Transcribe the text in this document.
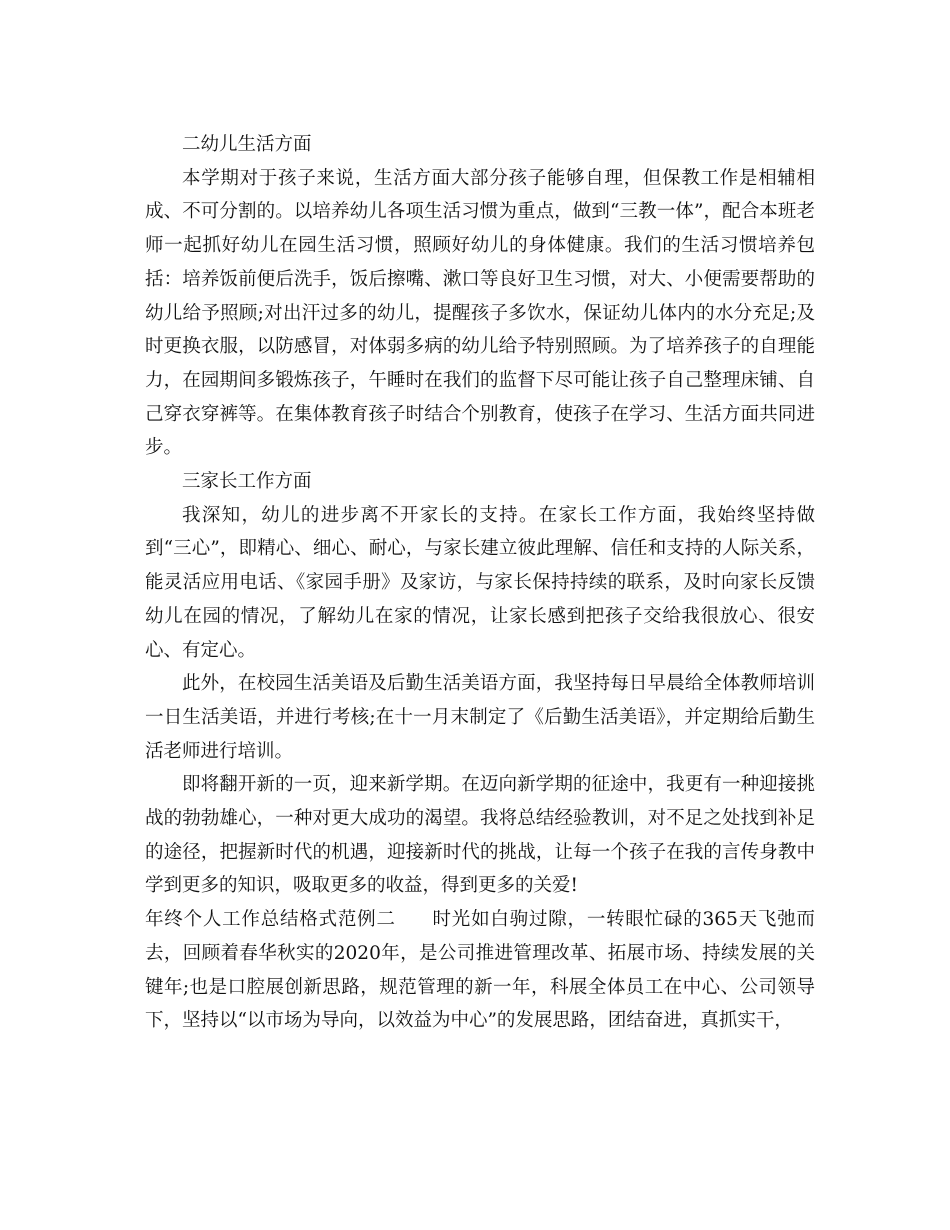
二幼儿生活方面

本学期对于孩子来说，生活方面大部分孩子能够自理，但保教工作是相辅相成、不可分割的。以培养幼儿各项生活习惯为重点，做到“三教一体”，配合本班老师一起抓好幼儿在园生活习惯，照顾好幼儿的身体健康。我们的生活习惯培养包括：培养饭前便后洗手，饭后擦嘴、漱口等良好卫生习惯，对大、小便需要帮助的幼儿给予照顾;对出汗过多的幼儿，提醒孩子多饮水，保证幼儿体内的水分充足;及时更换衣服，以防感冒，对体弱多病的幼儿给予特别照顾。为了培养孩子的自理能力，在园期间多锻炼孩子，午睡时在我们的监督下尽可能让孩子自己整理床铺、自己穿衣穿裤等。在集体教育孩子时结合个别教育，使孩子在学习、生活方面共同进步。

三家长工作方面

我深知，幼儿的进步离不开家长的支持。在家长工作方面，我始终坚持做到“三心”，即精心、细心、耐心，与家长建立彼此理解、信任和支持的人际关系，能灵活应用电话、《家园手册》及家访，与家长保持持续的联系，及时向家长反馈幼儿在园的情况，了解幼儿在家的情况，让家长感到把孩子交给我很放心、很安心、有定心。

此外，在校园生活美语及后勤生活美语方面，我坚持每日早晨给全体教师培训一日生活美语，并进行考核;在十一月末制定了《后勤生活美语》，并定期给后勤生活老师进行培训。

即将翻开新的一页，迎来新学期。在迈向新学期的征途中，我更有一种迎接挑战的勃勃雄心，一种对更大成功的渴望。我将总结经验教训，对不足之处找到补足的途径，把握新时代的机遇，迎接新时代的挑战，让每一个孩子在我的言传身教中学到更多的知识，吸取更多的收益，得到更多的关爱!

年终个人工作总结格式范例二 时光如白驹过隙，一转眼忙碌的365天飞弛而去，回顾着春华秋实的2020年，是公司推进管理改革、拓展市场、持续发展的关键年;也是口腔展创新思路，规范管理的新一年，科展全体员工在中心、公司领导下，坚持以“以市场为导向，以效益为中心”的发展思路，团结奋进，真抓实干，
